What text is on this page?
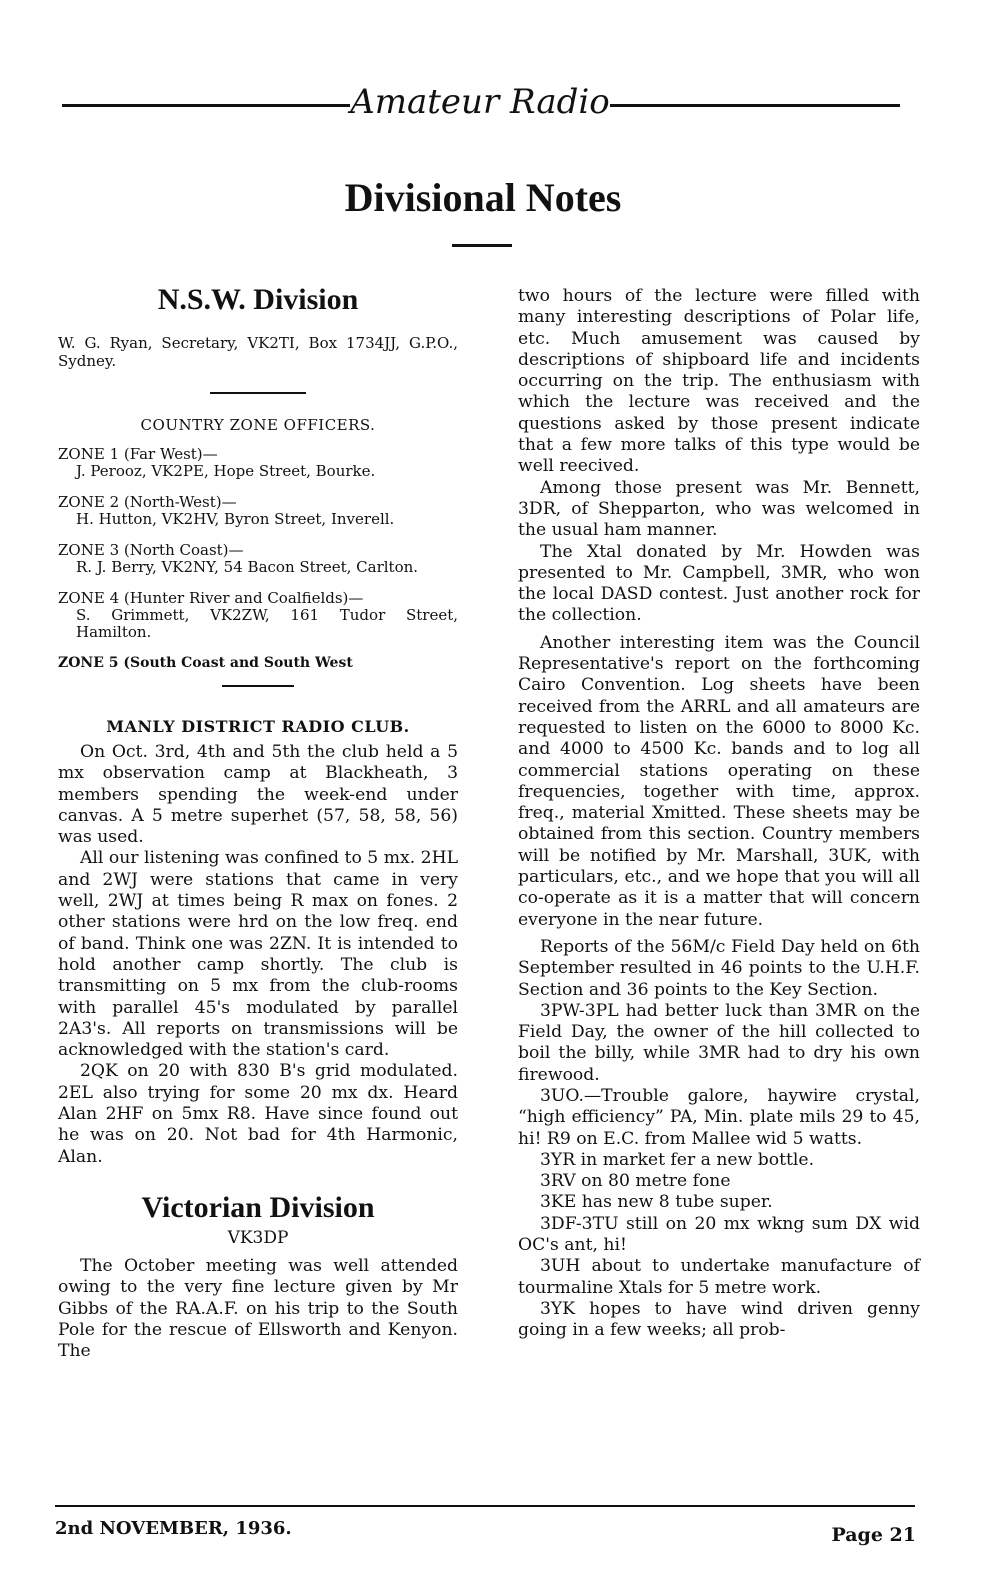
Amateur Radio
Divisional Notes
N.S.W. Division

W. G. Ryan, Secretary, VK2TI, Box 1734JJ, G.P.O., Sydney.

COUNTRY ZONE OFFICERS.

ZONE 1 (Far West)—

J. Perooz, VK2PE, Hope Street, Bourke.

ZONE 2 (North-West)—

H. Hutton, VK2HV, Byron Street, Inverell.

ZONE 3 (North Coast)—

R. J. Berry, VK2NY, 54 Bacon Street, Carlton.

ZONE 4 (Hunter River and Coalfields)—

S. Grimmett, VK2ZW, 161 Tudor Street, Hamilton.

ZONE 5 (South Coast and South West

MANLY DISTRICT RADIO CLUB.

On Oct. 3rd, 4th and 5th the club held a 5 mx observation camp at Blackheath, 3 members spending the week-end under canvas. A 5 metre superhet (57, 58, 58, 56) was used.

All our listening was confined to 5 mx. 2HL and 2WJ were stations that came in very well, 2WJ at times being R max on fones. 2 other stations were hrd on the low freq. end of band. Think one was 2ZN. It is intended to hold another camp shortly. The club is transmitting on 5 mx from the club-rooms with parallel 45's modulated by parallel 2A3's. All reports on transmissions will be acknowledged with the station's card.

2QK on 20 with 830 B's grid modulated. 2EL also trying for some 20 mx dx. Heard Alan 2HF on 5mx R8. Have since found out he was on 20. Not bad for 4th Harmonic, Alan.

Victorian Division

VK3DP

The October meeting was well attended owing to the very fine lecture given by Mr Gibbs of the RA.A.F. on his trip to the South Pole for the rescue of Ellsworth and Kenyon. The

two hours of the lecture were filled with many interesting descriptions of Polar life, etc. Much amusement was caused by descriptions of shipboard life and incidents occurring on the trip. The enthusiasm with which the lecture was received and the questions asked by those present indicate that a few more talks of this type would be well reecived.

Among those present was Mr. Bennett, 3DR, of Shepparton, who was welcomed in the usual ham manner.

The Xtal donated by Mr. Howden was presented to Mr. Campbell, 3MR, who won the local DASD contest. Just another rock for the collection.

Another interesting item was the Council Representative's report on the forthcoming Cairo Convention. Log sheets have been received from the ARRL and all amateurs are requested to listen on the 6000 to 8000 Kc. and 4000 to 4500 Kc. bands and to log all commercial stations operating on these frequencies, together with time, approx. freq., material Xmitted. These sheets may be obtained from this section. Country members will be notified by Mr. Marshall, 3UK, with particulars, etc., and we hope that you will all co-operate as it is a matter that will concern everyone in the near future.

Reports of the 56M/c Field Day held on 6th September resulted in 46 points to the U.H.F. Section and 36 points to the Key Section.

3PW-3PL had better luck than 3MR on the Field Day, the owner of the hill collected to boil the billy, while 3MR had to dry his own firewood.

3UO.—Trouble galore, haywire crystal, “high efficiency” PA, Min. plate mils 29 to 45, hi! R9 on E.C. from Mallee wid 5 watts.

3YR in market fer a new bottle.

3RV on 80 metre fone

3KE has new 8 tube super.

3DF-3TU still on 20 mx wkng sum DX wid OC's ant, hi!

3UH about to undertake manufacture of tourmaline Xtals for 5 metre work.

3YK hopes to have wind driven genny going in a few weeks; all prob-

2nd NOVEMBER, 1936.	Page 21
